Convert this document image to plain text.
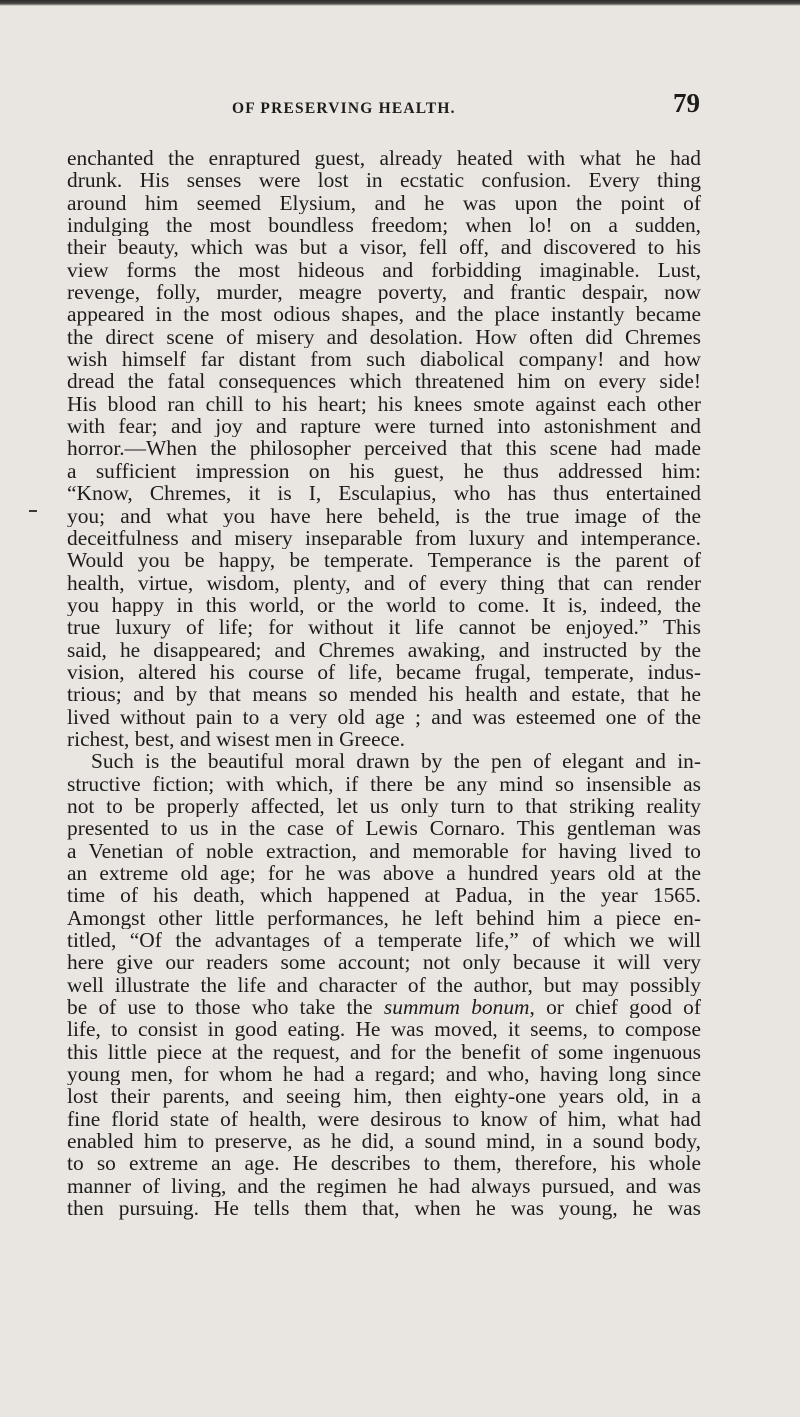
OF PRESERVING HEALTH.	79
enchanted the enraptured guest, already heated with what he had
drunk. His senses were lost in ecstatic confusion. Every thing
around him seemed Elysium, and he was upon the point of
indulging the most boundless freedom; when lo! on a sudden,
their beauty, which was but a visor, fell off, and discovered to his
view forms the most hideous and forbidding imaginable. Lust,
revenge, folly, murder, meagre poverty, and frantic despair, now
appeared in the most odious shapes, and the place instantly became
the direct scene of misery and desolation. How often did Chremes
wish himself far distant from such diabolical company! and how
dread the fatal consequences which threatened him on every side!
His blood ran chill to his heart; his knees smote against each other
with fear; and joy and rapture were turned into astonishment and
horror.—When the philosopher perceived that this scene had made
a sufficient impression on his guest, he thus addressed him:
“Know, Chremes, it is I, Esculapius, who has thus entertained
you; and what you have here beheld, is the true image of the
deceitfulness and misery inseparable from luxury and intemperance.
Would you be happy, be temperate. Temperance is the parent of
health, virtue, wisdom, plenty, and of every thing that can render
you happy in this world, or the world to come. It is, indeed, the
true luxury of life; for without it life cannot be enjoyed.” This
said, he disappeared; and Chremes awaking, and instructed by the
vision, altered his course of life, became frugal, temperate, indus-
trious; and by that means so mended his health and estate, that he
lived without pain to a very old age ; and was esteemed one of the
richest, best, and wisest men in Greece.
Such is the beautiful moral drawn by the pen of elegant and in-
structive fiction; with which, if there be any mind so insensible as
not to be properly affected, let us only turn to that striking reality
presented to us in the case of Lewis Cornaro. This gentleman was
a Venetian of noble extraction, and memorable for having lived to
an extreme old age; for he was above a hundred years old at the
time of his death, which happened at Padua, in the year 1565.
Amongst other little performances, he left behind him a piece en-
titled, “Of the advantages of a temperate life,” of which we will
here give our readers some account; not only because it will very
well illustrate the life and character of the author, but may possibly
be of use to those who take the summum bonum, or chief good of
life, to consist in good eating. He was moved, it seems, to compose
this little piece at the request, and for the benefit of some ingenuous
young men, for whom he had a regard; and who, having long since
lost their parents, and seeing him, then eighty-one years old, in a
fine florid state of health, were desirous to know of him, what had
enabled him to preserve, as he did, a sound mind, in a sound body,
to so extreme an age. He describes to them, therefore, his whole
manner of living, and the regimen he had always pursued, and was
then pursuing. He tells them that, when he was young, he was
